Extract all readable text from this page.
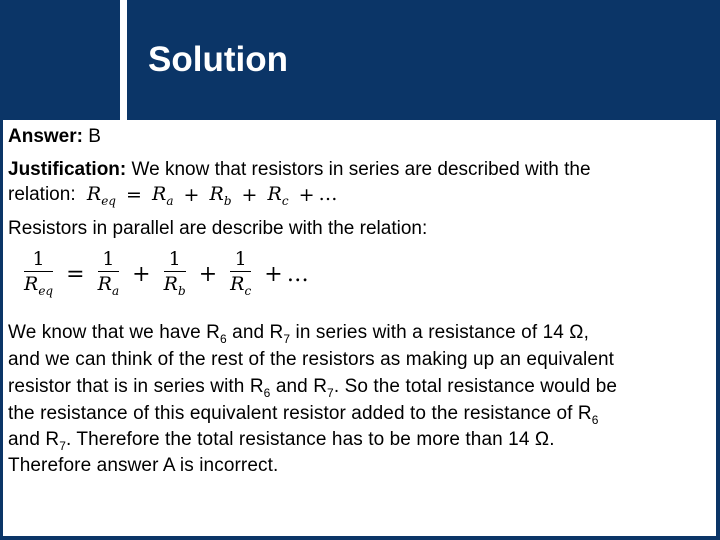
Solution
Answer: B
Justification: We know that resistors in series are described with the
relation: $R_{eq} = R_a + R_b + R_c$ + …
Resistors in parallel are describe with the relation:
$\frac{1}{R_{eq}} = \frac{1}{R_a} + \frac{1}{R_b} + \frac{1}{R_c}$ + …
We know that we have $R_6$ and $R_7$ in series with a resistance of 14 Ω,
and we can think of the rest of the resistors as making up an equivalent
resistor that is in series with $R_6$ and $R_7$. So the total resistance would be
the resistance of this equivalent resistor added to the resistance of $R_6$
and $R_7$. Therefore the total resistance has to be more than 14 Ω.
Therefore answer A is incorrect.
